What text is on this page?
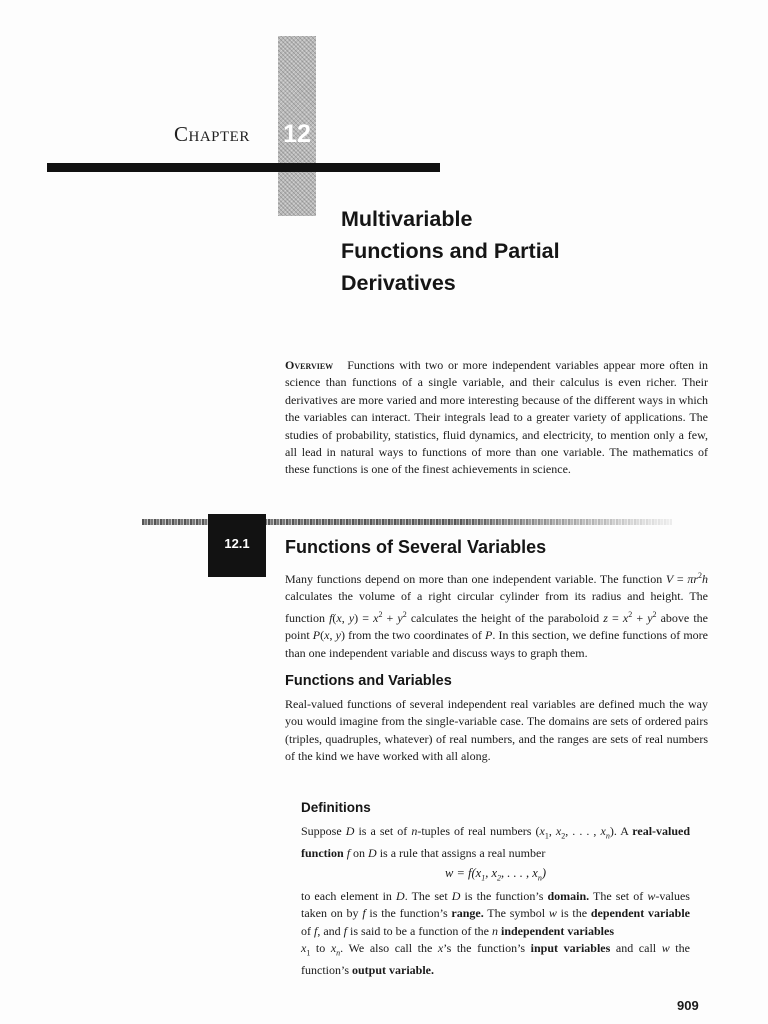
Chapter 12
Multivariable
Functions and Partial
Derivatives
Overview Functions with two or more independent variables appear more often in science than functions of a single variable, and their calculus is even richer. Their derivatives are more varied and more interesting because of the different ways in which the variables can interact. Their integrals lead to a greater variety of applications. The studies of probability, statistics, fluid dynamics, and electricity, to mention only a few, all lead in natural ways to functions of more than one variable. The mathematics of these functions is one of the finest achievements in science.
12.1	Functions of Several Variables
Many functions depend on more than one independent variable. The function $V = \pi r^2h$ calculates the volume of a right circular cylinder from its radius and height. The function f(x, $y) = x^2 + y^2$ calculates the height of the paraboloid $z = x^2 + y^2$ above the point P(x, y) from the two coordinates of P. In this section, we define functions of more than one independent variable and discuss ways to graph them.
Functions and Variables
Real-valued functions of several independent real variables are defined much the way you would imagine from the single-variable case. The domains are sets of ordered pairs (triples, quadruples, whatever) of real numbers, and the ranges are sets of real numbers of the kind we have worked with all along.
Definitions
Suppose D is a set of n-tuples of real numbers ($x_1$, $x_2$, . . . , $x_n$). A real-valued function f on D is a rule that assigns a real number
$w = f(x_1$, $x_2$, . . . , $x_n$)
to each element in D. The set D is the function’s domain. The set of w-values taken on by f is the function’s range. The symbol w is the dependent variable of f, and f is said to be a function of the n independent variables
$x_1$ to $x_n$. We also call the x’s the function’s input variables and call w the function’s output variable.
909
